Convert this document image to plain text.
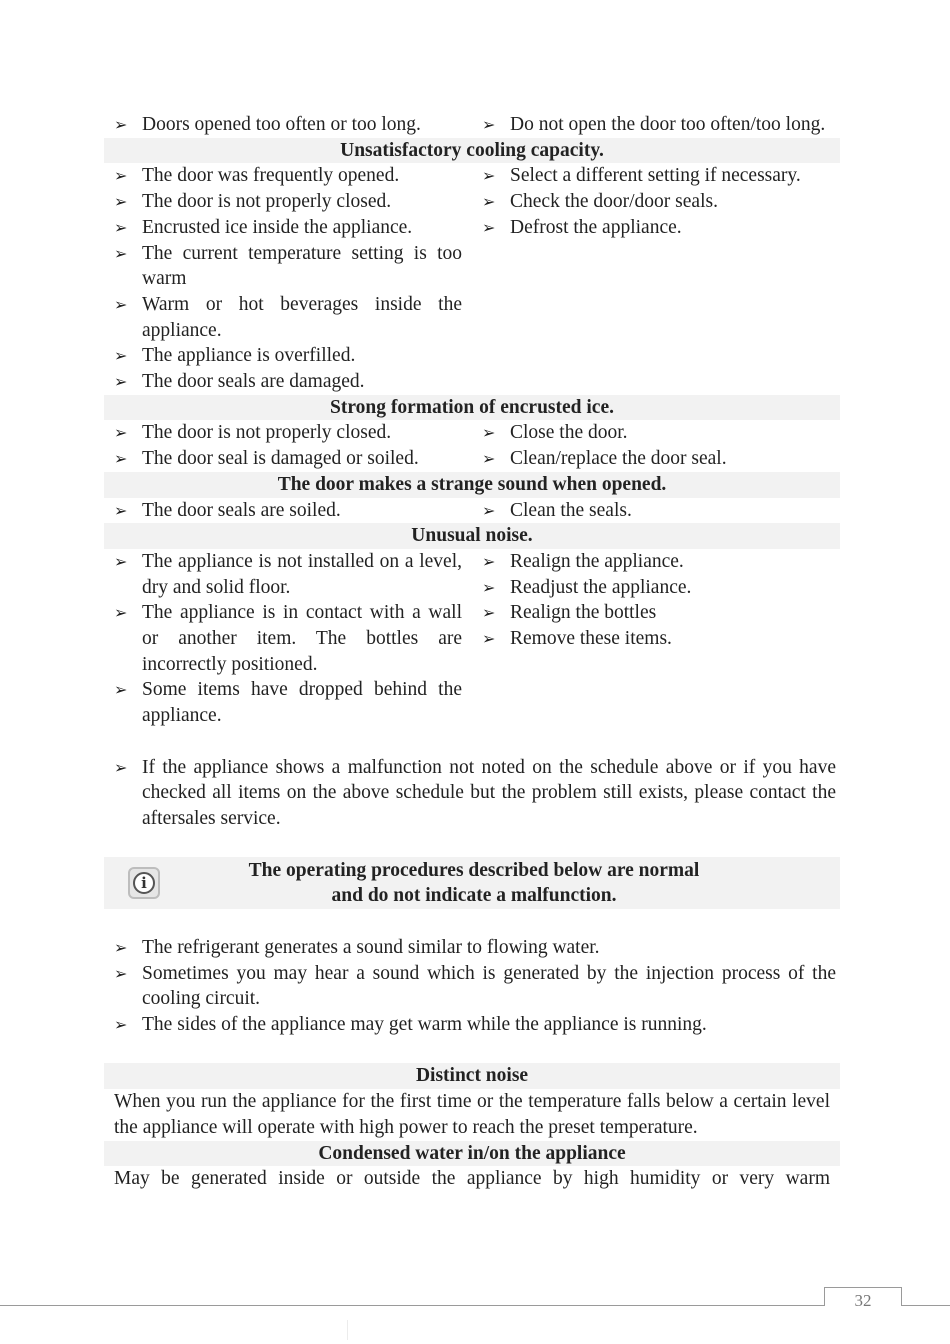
➢ Doors opened too often or too long.	➢ Do not open the door too often/too long.
Unsatisfactory cooling capacity.
➢ The door was frequently opened.
➢ The door is not properly closed.
➢ Encrusted ice inside the appliance.
➢ The current temperature setting is too warm
➢ Warm or hot beverages inside the appliance.
➢ The appliance is overfilled.
➢ The door seals are damaged.
➢ Select a different setting if necessary.
➢ Check the door/door seals.
➢ Defrost the appliance.
Strong formation of encrusted ice.
➢ The door is not properly closed.
➢ The door seal is damaged or soiled.
➢ Close the door.
➢ Clean/replace the door seal.
The door makes a strange sound when opened.
➢ The door seals are soiled.	➢ Clean the seals.
Unusual noise.
➢ The appliance is not installed on a level, dry and solid floor.
➢ The appliance is in contact with a wall or another item. The bottles are incorrectly positioned.
➢ Some items have dropped behind the appliance.
➢ Realign the appliance.
➢ Readjust the appliance.
➢ Realign the bottles
➢ Remove these items.
➢ If the appliance shows a malfunction not noted on the schedule above or if you have checked all items on the above schedule but the problem still exists, please contact the aftersales service.
i
The operating procedures described below are normal
and do not indicate a malfunction.
➢ The refrigerant generates a sound similar to flowing water.
➢ Sometimes you may hear a sound which is generated by the injection process of the cooling circuit.
➢ The sides of the appliance may get warm while the appliance is running.
Distinct noise
When you run the appliance for the first time or the temperature falls below a certain level the appliance will operate with high power to reach the preset temperature.
Condensed water in/on the appliance
May be generated inside or outside the appliance by high humidity or very warm
32
